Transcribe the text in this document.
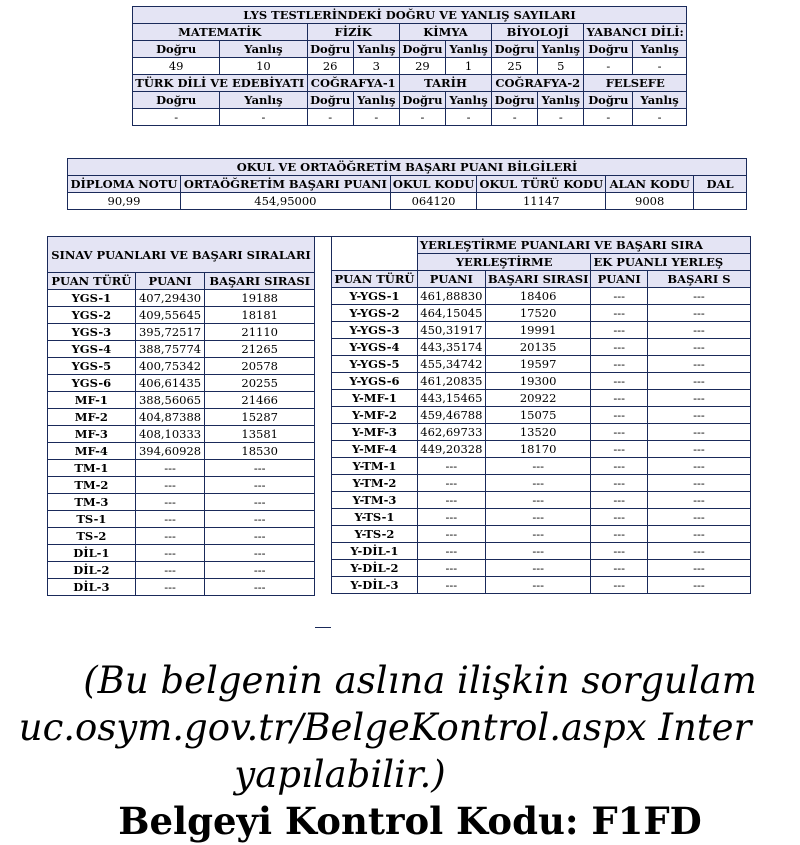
LYS TESTLERİNDEKİ DOĞRU VE YANLIŞ SAYILARI									
MATEMATİK		FİZİK		KİMYA		BİYOLOJİ		YABANCI DİLİ:	
Doğru	Yanlış	Doğru	Yanlış	Doğru	Yanlış	Doğru	Yanlış	Doğru	Yanlış
49	10	26	3	29	1	25	5	-	-
TÜRK DİLİ VE EDEBİYATI		COĞRAFYA-1		TARİH		COĞRAFYA-2		FELSEFE	
Doğru	Yanlış	Doğru	Yanlış	Doğru	Yanlış	Doğru	Yanlış	Doğru	Yanlış
-	-	-	-	-	-	-	-	-	-
OKUL VE ORTAÖĞRETİM BAŞARI PUANI BİLGİLERİ					
DİPLOMA NOTU	ORTAÖĞRETİM BAŞARI PUANI	OKUL KODU	OKUL TÜRÜ KODU	ALAN KODU	DAL
90,99	454,95000	064120	11147	9008	
SINAV PUANLARI VE BAŞARI SIRALARI		
PUAN TÜRÜ	PUANI	BAŞARI SIRASI
YGS-1	407,29430	19188
YGS-2	409,55645	18181
YGS-3	395,72517	21110
YGS-4	388,75774	21265
YGS-5	400,75342	20578
YGS-6	406,61435	20255
MF-1	388,56065	21466
MF-2	404,87388	15287
MF-3	408,10333	13581
MF-4	394,60928	18530
TM-1	---	---
TM-2	---	---
TM-3	---	---
TS-1	---	---
TS-2	---	---
DİL-1	---	---
DİL-2	---	---
DİL-3	---	---
	YERLEŞTİRME PUANLARI VE BAŞARI SIRA			
	YERLEŞTİRME		EK PUANLI YERLEŞ	
PUAN TÜRÜ	PUANI	BAŞARI SIRASI	PUANI	BAŞARI S
Y-YGS-1	461,88830	18406	---	---
Y-YGS-2	464,15045	17520	---	---
Y-YGS-3	450,31917	19991	---	---
Y-YGS-4	443,35174	20135	---	---
Y-YGS-5	455,34742	19597	---	---
Y-YGS-6	461,20835	19300	---	---
Y-MF-1	443,15465	20922	---	---
Y-MF-2	459,46788	15075	---	---
Y-MF-3	462,69733	13520	---	---
Y-MF-4	449,20328	18170	---	---
Y-TM-1	---	---	---	---
Y-TM-2	---	---	---	---
Y-TM-3	---	---	---	---
Y-TS-1	---	---	---	---
Y-TS-2	---	---	---	---
Y-DİL-1	---	---	---	---
Y-DİL-2	---	---	---	---
Y-DİL-3	---	---	---	---
(Bu belgenin aslına ilişkin sorgulam
uc.osym.gov.tr/BelgeKontrol.aspx Inter
yapılabilir.)
Belgeyi Kontrol Kodu: F1FD
